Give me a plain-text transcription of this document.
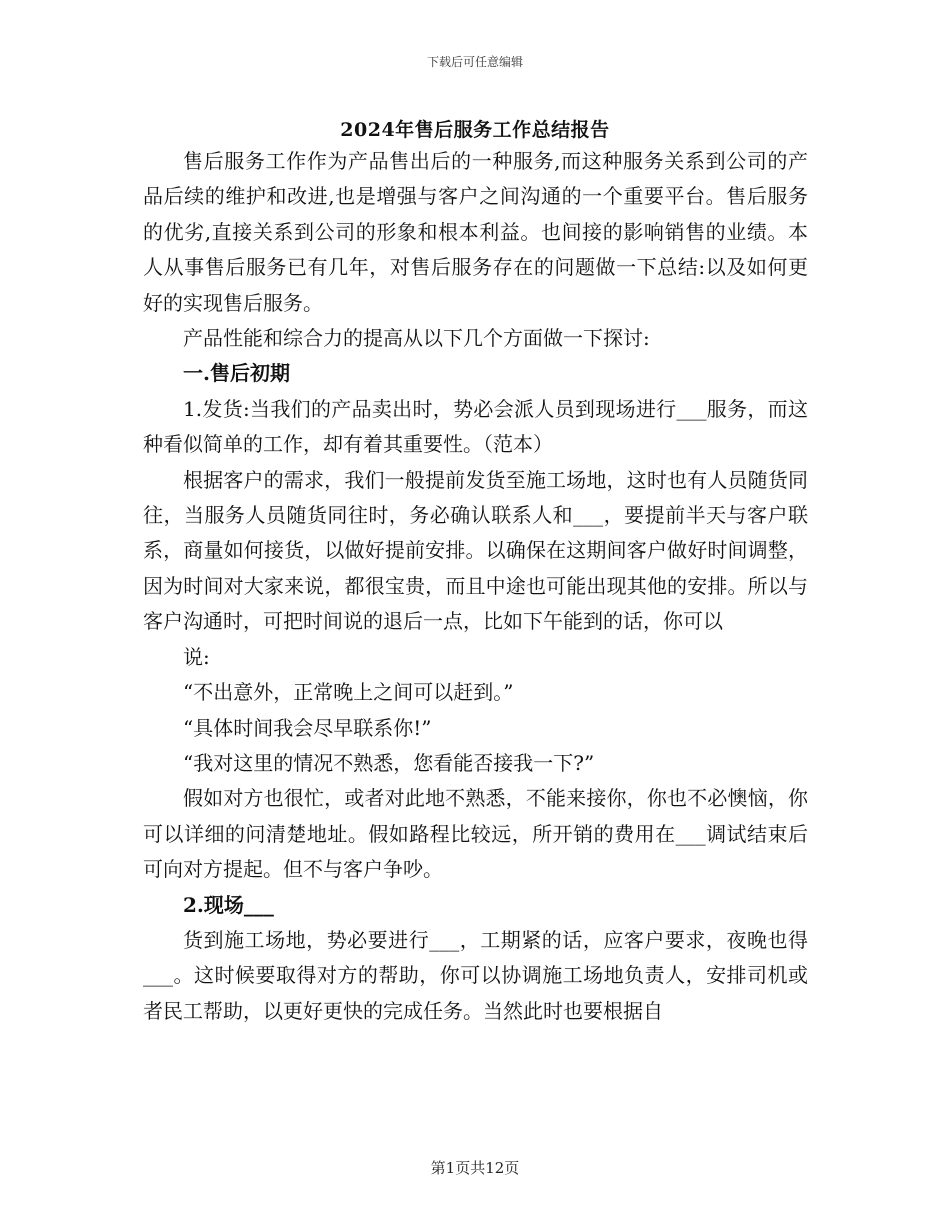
下载后可任意编辑
2024年售后服务工作总结报告

售后服务工作作为产品售出后的一种服务,而这种服务关系到公司的产品后续的维护和改进,也是增强与客户之间沟通的一个重要平台。售后服务的优劣,直接关系到公司的形象和根本利益。也间接的影响销售的业绩。本人从事售后服务已有几年，对售后服务存在的问题做一下总结:以及如何更好的实现售后服务。

产品性能和综合力的提高从以下几个方面做一下探讨:

一.售后初期

1.发货:当我们的产品卖出时，势必会派人员到现场进行___服务，而这种看似简单的工作，却有着其重要性。（范本）

根据客户的需求，我们一般提前发货至施工场地，这时也有人员随货同往，当服务人员随货同往时，务必确认联系人和___，要提前半天与客户联系，商量如何接货，以做好提前安排。以确保在这期间客户做好时间调整，因为时间对大家来说，都很宝贵，而且中途也可能出现其他的安排。所以与客户沟通时，可把时间说的退后一点，比如下午能到的话，你可以

说:

“不出意外，正常晚上之间可以赶到。”

“具体时间我会尽早联系你!”

“我对这里的情况不熟悉，您看能否接我一下?”

假如对方也很忙，或者对此地不熟悉，不能来接你，你也不必懊恼，你可以详细的问清楚地址。假如路程比较远，所开销的费用在___调试结束后可向对方提起。但不与客户争吵。

2.现场___

货到施工场地，势必要进行___，工期紧的话，应客户要求，夜晚也得___。这时候要取得对方的帮助，你可以协调施工场地负责人，安排司机或者民工帮助，以更好更快的完成任务。当然此时也要根据自

第1页共12页
